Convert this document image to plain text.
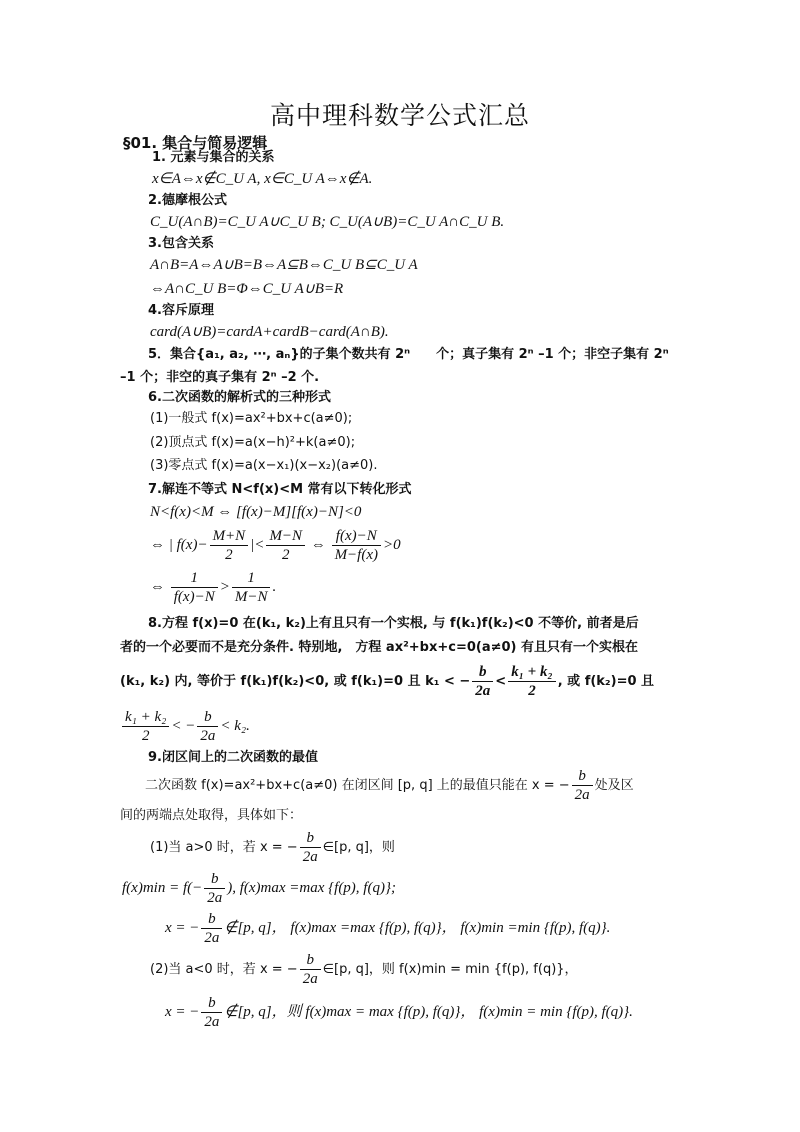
高中理科数学公式汇总
§01. 集合与简易逻辑
1. 元素与集合的关系
x∈A⇔x∉C_U A, x∈C_U A⇔x∉A.
2.德摩根公式
C_U(A∩B)=C_U A∪C_U B; C_U(A∪B)=C_U A∩C_U B.
3.包含关系
A∩B=A⇔A∪B=B⇔A⊆B⇔C_U B⊆C_U A
⇔A∩C_U B=Φ⇔C_U A∪B=R
4.容斥原理
card(A∪B)=cardA+cardB−card(A∩B).
5．集合{a₁, a₂, ⋯, aₙ}的子集个数共有 2ⁿ　　个；真子集有 2ⁿ –1 个；非空子集有 2ⁿ
–1 个；非空的真子集有 2ⁿ –2 个.
6.二次函数的解析式的三种形式
(1)一般式 f(x)=ax²+bx+c(a≠0);
(2)顶点式 f(x)=a(x−h)²+k(a≠0);
(3)零点式 f(x)=a(x−x₁)(x−x₂)(a≠0).
7.解连不等式 N<f(x)<M 常有以下转化形式
N<f(x)<M ⇔ [f(x)−M][f(x)−N]<0
⇔ | $f(x)- \frac{M+N}{2}$ |< $\frac{M-N}{2}$ ⇔ $\frac{f(x)-N}{M-f(x)} >0$
⇔ $\frac{1}{f(x)-N} > \frac{1}{M-N}$ .
8.方程 f(x)=0 在(k₁, k₂)上有且只有一个实根, 与 f(k₁)f(k₂)<0 不等价, 前者是后
者的一个必要而不是充分条件. 特别地,　方程 ax²+bx+c=0(a≠0) 有且只有一个实根在
(k₁, k₂) 内, 等价于 f(k₁)f(k₂)<0, 或 f(k₁)=0 且 k₁ < − $\frac{b}{2a} < \frac{\text{k₁ + k₂}}{2}$ , 或 f(k₂)=0 且
$\frac{\text{k₁ + k₂}}{2}$ < − $\frac{b}{2a} < k_2$.
9.闭区间上的二次函数的最值
二次函数 f(x)=ax²+bx+c(a≠0) 在闭区间 [p, q] 上的最值只能在 x = − $\frac{b}{2a}$ 处及区
间的两端点处取得，具体如下：
(1)当 a>0 时，若 x = − $\frac{b}{2a}$ ∈[p, q]，则
$f(x)\min = f(- \frac{b}{2a}$ ), f(x)max =max {f(p), f(q)};
x = − $\frac{b}{2a}$ ∉[p, q]， f(x)max =max {f(p), f(q)}， f(x)min =min {f(p), f(q)}.
(2)当 a<0 时，若 x = − $\frac{b}{2a}$ ∈[p, q]，则 f(x)min = min {f(p), f(q)}，
x = − $\frac{b}{2a}$ ∉[p, q]，则 f(x)max = max {f(p), f(q)}， f(x)min = min {f(p), f(q)}.
